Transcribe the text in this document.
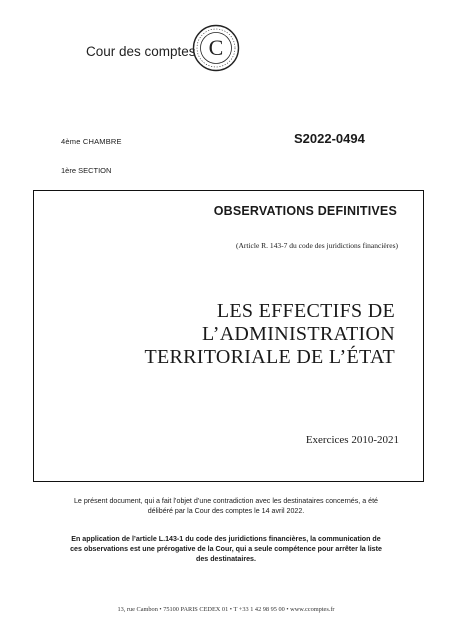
Cour des comptes C
4ème CHAMBRE	S2022-0494
1ère SECTION
OBSERVATIONS DEFINITIVES
(Article R. 143-7 du code des juridictions financières)
LES EFFECTIFS DE
L’ADMINISTRATION
TERRITORIALE DE L’ÉTAT
Exercices 2010-2021
Le présent document, qui a fait l’objet d’une contradiction avec les destinataires concernés, a été
délibéré par la Cour des comptes le 14 avril 2022.
En application de l’article L.143-1 du code des juridictions financières, la communication de
ces observations est une prérogative de la Cour, qui a seule compétence pour arrêter la liste
des destinataires.
13, rue Cambon • 75100 PARIS CEDEX 01 • T +33 1 42 98 95 00 • www.ccomptes.fr
